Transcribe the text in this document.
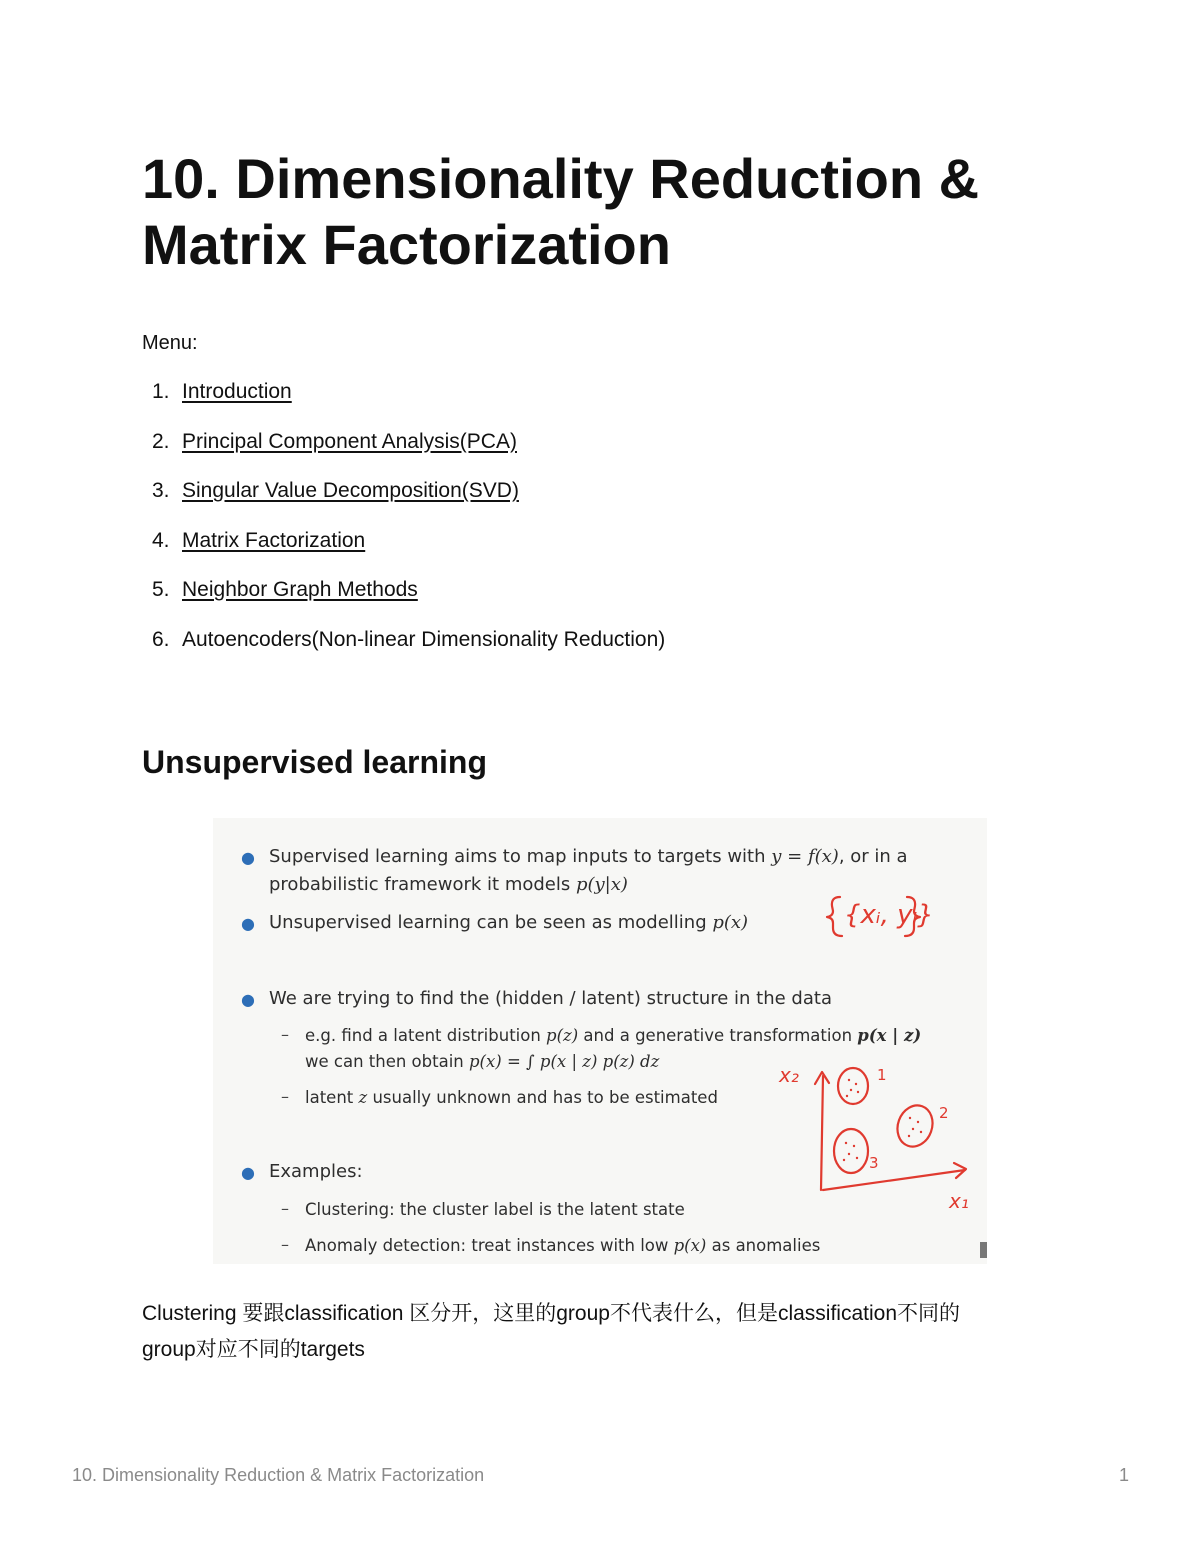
10. Dimensionality Reduction &
Matrix Factorization

Menu:

1. Introduction
2. Principal Component Analysis(PCA)
3. Singular Value Decomposition(SVD)
4. Matrix Factorization
5. Neighbor Graph Methods
6. Autoencoders(Non-linear Dimensionality Reduction)
Unsupervised learning
{xᵢ, yᵢ}
x₂
x₁
1
2
3
● Supervised learning aims to map inputs to targets with y = f(x), or in a
probabilistic framework it models p(y|x)
● Unsupervised learning can be seen as modelling p(x)
● We are trying to find the (hidden / latent) structure in the data
– e.g. find a latent distribution p(z) and a generative transformation p(x | z)
we can then obtain p(x) = ∫ p(x | z) p(z) dz
– latent z usually unknown and has to be estimated
● Examples:
– Clustering: the cluster label is the latent state
– Anomaly detection: treat instances with low p(x) as anomalies

Clustering 要跟classification 区分开，这里的group不代表什么，但是classification不同的
group对应不同的targets

10. Dimensionality Reduction & Matrix Factorization	1
